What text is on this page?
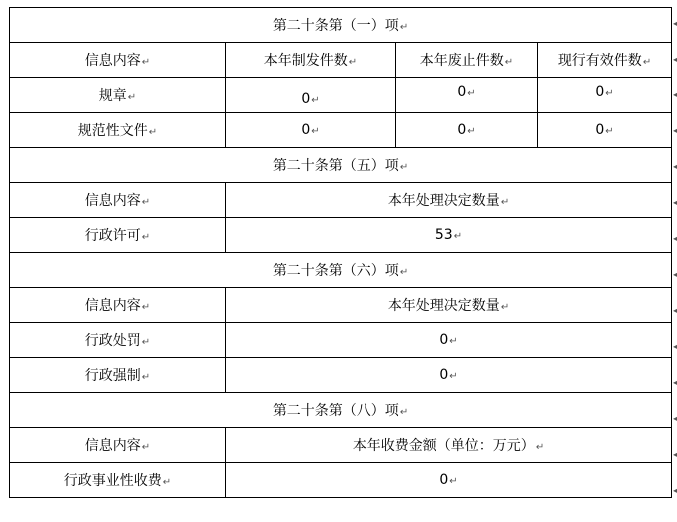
第二十条第（一）项↵			
信息内容↵	本年制发件数↵	本年废止件数↵	现行有效件数↵
规章↵	0↵	0↵	0↵
规范性文件↵	0↵	0↵	0↵
第二十条第（五）项↵			
信息内容↵	本年处理决定数量↵		
行政许可↵	53↵		
第二十条第（六）项↵			
信息内容↵	本年处理决定数量↵		
行政处罚↵	0↵		
行政强制↵	0↵		
第二十条第（八）项↵			
信息内容↵	本年收费金额（单位：万元）↵		
行政事业性收费↵	0↵		
◂
◂
◂
◂
◂
◂
◂
◂
◂
◂
◂
◂
◂
◂
